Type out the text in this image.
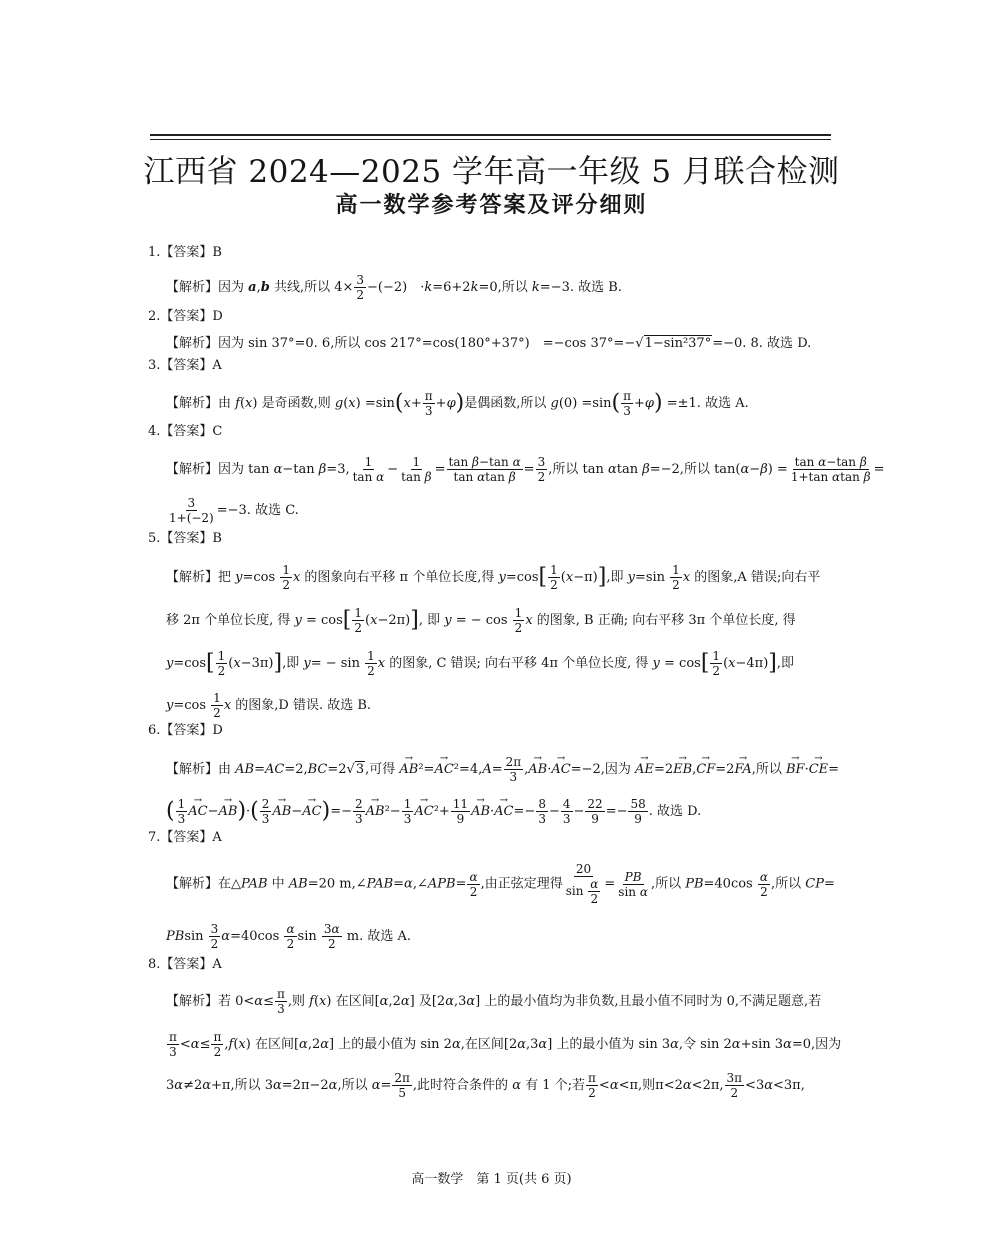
江西省 2024—2025 学年高一年级 5 月联合检测
高一数学参考答案及评分细则
1.【答案】B
【解析】因为 a,b 共线,所以 $4\times \frac{3}{2} -(-2)$　·k=6+2k=0,所以 k=−3. 故选 B.
2.【答案】D
【解析】因为 sin 37°=0. 6,所以 cos 217°=cos(180°+37°)　=−cos 37°=−√1−sin²37°=−0. 8. 故选 D.
3.【答案】A
【解析】由 f(x) 是奇函数,则 $g(x) =\sin(x+ \frac{\pi}{3} +\varphi)$是偶函数,所以 $g(0) =\sin( \frac{\pi}{3} +\varphi) =\pm 1$. 故选 A.
4.【答案】C
【解析】因为 tan α−tan β=3, $\frac{1}{\text{tan α}} - \frac{1}{\text{tan β}} = \frac{\text{tan β−tan α}}{\text{tan αtan β}} = \frac{3}{2}$ ,所以 tan αtan β=−2,所以 $\tan(\alpha-\beta) = \frac{\text{tan α−tan β}}{\text{1+tan αtan β}}$ =
$\frac{3}{1+(-2)} =-3$. 故选 C.
5.【答案】B
【解析】把 $y=\cos \frac{1}{2}$ x 的图象向右平移 π 个单位长度,得 $y=\cos[ \frac{1}{2} (x-\pi)]$,即 $y=\sin \frac{1}{2}$ x 的图象,A 错误;向右平
移 2π 个单位长度, 得 $y = \cos[ \frac{1}{2} (x-2\pi)]$, 即 y = − $\cos \frac{1}{2}$ x 的图象, B 正确; 向右平移 3π 个单位长度, 得
$y=\cos[ \frac{1}{2} (x-3\pi)]$,即 $y= - \sin \frac{1}{2}$ x 的图象, C 错误; 向右平移 4π 个单位长度, 得 $y = \cos[ \frac{1}{2} (x-4\pi)]$,即
$y=\cos \frac{1}{2}$ x 的图象,D 错误. 故选 B.
6.【答案】D
【解析】由 AB=AC=2,BC=2√3,可得 → $AB^2=\to AC^2=4,A= \frac{2\pi}{3}$ ,→ AB·→ AC=−2,因为 → AE=2→ EB,→ CF=2→ FA,所以 → BF·→ CE=
( $\frac{1}{3}$
→ $AC-\to AB)\cdot( \frac{2}{3}$
→ $AB-\to AC)=- \frac{2}{3}$
→ $AB^2- \frac{1}{3}$
→ $AC^2+ \frac{11}{9}$
→ $AB\cdot\to AC=- \frac{8}{3} - \frac{4}{3} - \frac{22}{9} =- \frac{58}{9}$ . 故选 D.
7.【答案】A
【解析】在△PAB 中 AB=20 m,∠PAB=α,∠APB= $\frac{\alpha}{2}$ ,由正弦定理得 $\frac{20}{\sin \frac{\alpha}{2}} = \frac{PB}{\text{sin α}}$ ,所以 $PB=40\cos \frac{\alpha}{2}$ ,所以 CP=
PBsin $\frac{3}{2} \alpha=40\cos \frac{\alpha}{2}$ $\sin \frac{3\alpha}{2} m$. 故选 A.
8.【答案】A
【解析】若 $0<\alpha\le \frac{\pi}{3}$ ,则 f(x) 在区间[α,2α] 及[2α,3α] 上的最小值均为非负数,且最小值不同时为 0,不满足题意,若
$\frac{\pi}{3} <\alpha\le \frac{\pi}{2} ,f(x)$ 在区间[α,2α] 上的最小值为 sin 2α,在区间[2α,3α] 上的最小值为 sin 3α,令 sin 2α+sin 3α=0,因为
3α≠2α+π,所以 3α=2π−2α,所以 $\alpha= \frac{2\pi}{5}$ ,此时符合条件的 α 有 1 个;若 $\frac{\pi}{2} <\alpha<\pi$,则π<2α<2π, $\frac{3\pi}{2} <3\alpha<3\pi$,
高一数学　第 1 页(共 6 页)
